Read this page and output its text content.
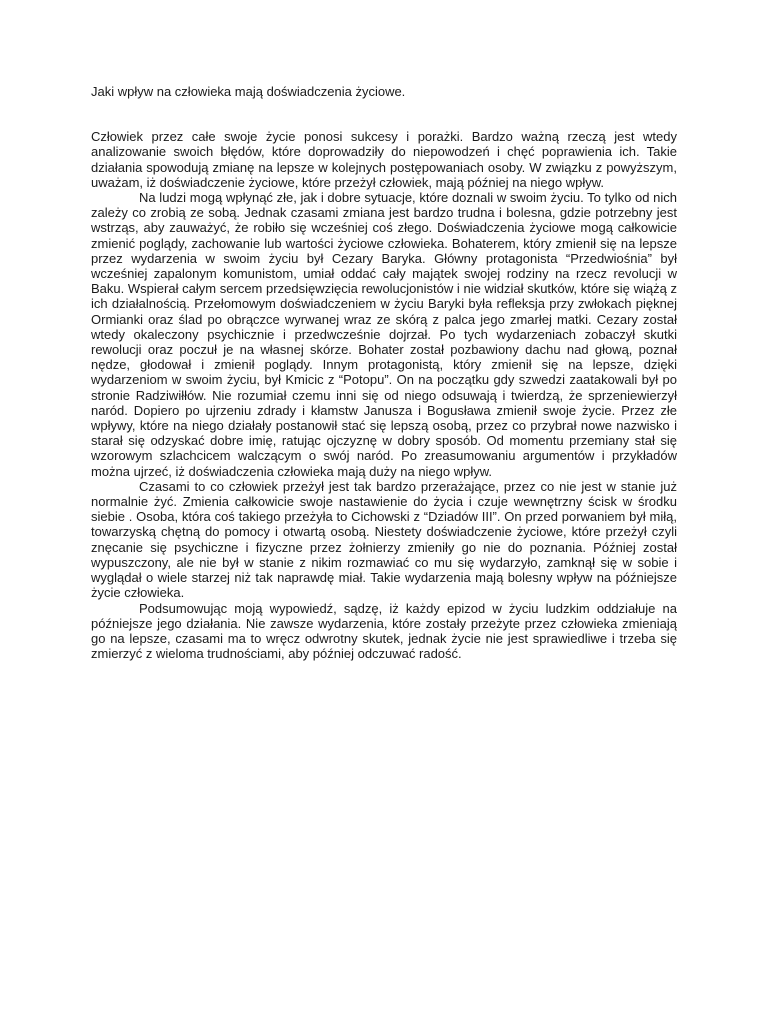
Jaki wpływ na człowieka mają doświadczenia życiowe.

Człowiek przez całe swoje życie ponosi sukcesy i porażki. Bardzo ważną rzeczą jest wtedy analizowanie swoich błędów, które doprowadziły do niepowodzeń i chęć poprawienia ich. Takie działania spowodują zmianę na lepsze w kolejnych postępowaniach osoby. W związku z powyższym, uważam, iż doświadczenie życiowe, które przeżył człowiek, mają później na niego wpływ.

Na ludzi mogą wpłynąć złe, jak i dobre sytuacje, które doznali w swoim życiu. To tylko od nich zależy co zrobią ze sobą. Jednak czasami zmiana jest bardzo trudna i bolesna, gdzie potrzebny jest wstrząs, aby zauważyć, że robiło się wcześniej coś złego. Doświadczenia życiowe mogą całkowicie zmienić poglądy, zachowanie lub wartości życiowe człowieka. Bohaterem, który zmienił się na lepsze przez wydarzenia w swoim życiu był Cezary Baryka. Główny protagonista “Przedwiośnia” był wcześniej zapalonym komunistom, umiał oddać cały majątek swojej rodziny na rzecz revolucji w Baku. Wspierał całym sercem przedsięwzięcia rewolucjonistów i nie widział skutków, które się wiążą z ich działalnością. Przełomowym doświadczeniem w życiu Baryki była refleksja przy zwłokach pięknej Ormianki oraz ślad po obrączce wyrwanej wraz ze skórą z palca jego zmarłej matki. Cezary został wtedy okaleczony psychicznie i przedwcześnie dojrzał. Po tych wydarzeniach zobaczył skutki rewolucji oraz poczuł je na własnej skórze. Bohater został pozbawiony dachu nad głową, poznał nędze, głodował i zmienił poglądy. Innym protagonistą, który zmienił się na lepsze, dzięki wydarzeniom w swoim życiu, był Kmicic z “Potopu”. On na początku gdy szwedzi zaatakowali był po stronie Radziwiłłów. Nie rozumiał czemu inni się od niego odsuwają i twierdzą, że sprzeniewierzył naród. Dopiero po ujrzeniu zdrady i kłamstw Janusza i Bogusława zmienił swoje życie. Przez złe wpływy, które na niego działały postanowił stać się lepszą osobą, przez co przybrał nowe nazwisko i starał się odzyskać dobre imię, ratując ojczyznę w dobry sposób. Od momentu przemiany stał się wzorowym szlachcicem walczącym o swój naród. Po zreasumowaniu argumentów i przykładów można ujrzeć, iż doświadczenia człowieka mają duży na niego wpływ.

Czasami to co człowiek przeżył jest tak bardzo przerażające, przez co nie jest w stanie już normalnie żyć. Zmienia całkowicie swoje nastawienie do życia i czuje wewnętrzny ścisk w środku siebie . Osoba, która coś takiego przeżyła to Cichowski z “Dziadów III”. On przed porwaniem był miłą, towarzyską chętną do pomocy i otwartą osobą. Niestety doświadczenie życiowe, które przeżył czyli znęcanie się psychiczne i fizyczne przez żołnierzy zmieniły go nie do poznania. Później został wypuszczony, ale nie był w stanie z nikim rozmawiać co mu się wydarzyło, zamknął się w sobie i wyglądał o wiele starzej niż tak naprawdę miał. Takie wydarzenia mają bolesny wpływ na późniejsze życie człowieka.

Podsumowując moją wypowiedź, sądzę, iż każdy epizod w życiu ludzkim oddziałuje na późniejsze jego działania. Nie zawsze wydarzenia, które zostały przeżyte przez człowieka zmieniają go na lepsze, czasami ma to wręcz odwrotny skutek, jednak życie nie jest sprawiedliwe i trzeba się zmierzyć z wieloma trudnościami, aby później odczuwać radość.
